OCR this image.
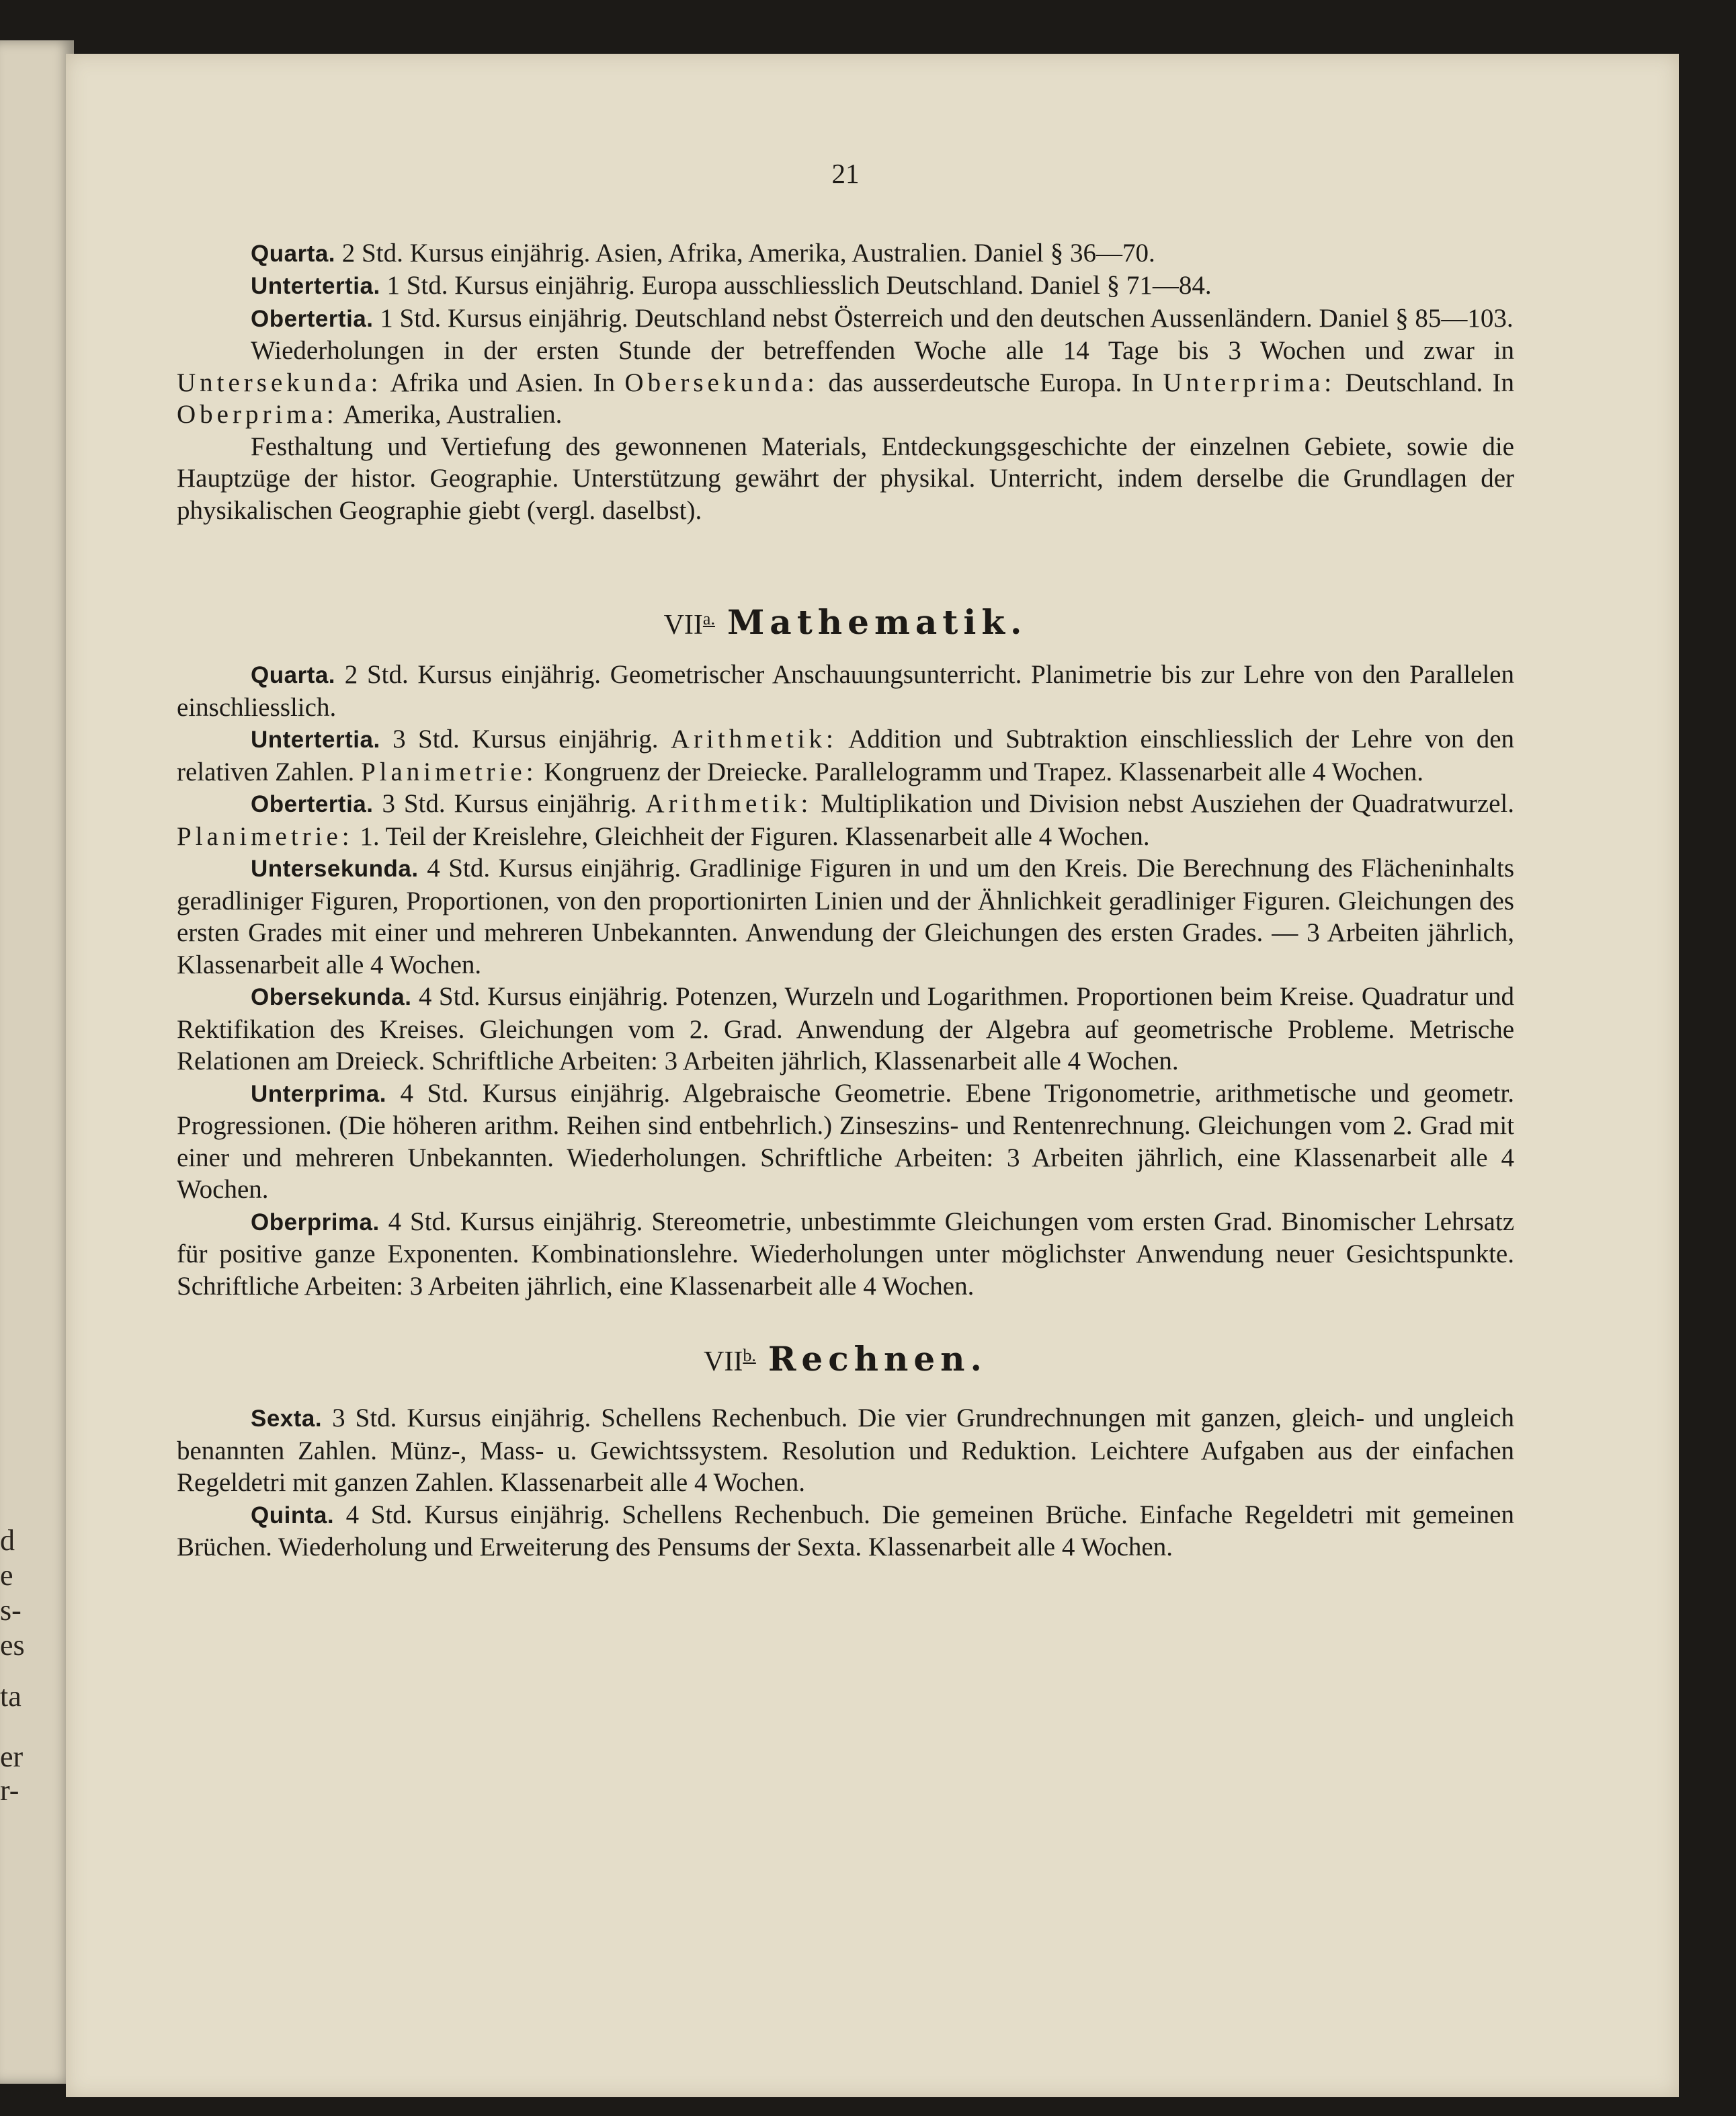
d
e
s-
es
ta
er
r-
21

Quarta. 2 Std. Kursus einjährig. Asien, Afrika, Amerika, Australien. Daniel § 36—70.

Untertertia. 1 Std. Kursus einjährig. Europa ausschliesslich Deutschland. Daniel § 71—84.

Obertertia. 1 Std. Kursus einjährig. Deutschland nebst Österreich und den deutschen Aussenländern. Daniel § 85—103.

Wiederholungen in der ersten Stunde der betreffenden Woche alle 14 Tage bis 3 Wochen und zwar in Untersekunda: Afrika und Asien. In Obersekunda: das ausserdeutsche Europa. In Unterprima: Deutschland. In Oberprima: Amerika, Australien.

Festhaltung und Vertiefung des gewonnenen Materials, Entdeckungsgeschichte der einzelnen Gebiete, sowie die Hauptzüge der histor. Geographie. Unterstützung gewährt der physikal. Unterricht, indem derselbe die Grundlagen der physikalischen Geographie giebt (vergl. daselbst).

$VII^{a.}$ Mathematik.

Quarta. 2 Std. Kursus einjährig. Geometrischer Anschauungsunterricht. Planimetrie bis zur Lehre von den Parallelen einschliesslich.

Untertertia. 3 Std. Kursus einjährig. Arithmetik: Addition und Subtraktion einschliesslich der Lehre von den relativen Zahlen. Planimetrie: Kongruenz der Dreiecke. Parallelogramm und Trapez. Klassenarbeit alle 4 Wochen.

Obertertia. 3 Std. Kursus einjährig. Arithmetik: Multiplikation und Division nebst Ausziehen der Quadratwurzel. Planimetrie: 1. Teil der Kreislehre, Gleichheit der Figuren. Klassenarbeit alle 4 Wochen.

Untersekunda. 4 Std. Kursus einjährig. Gradlinige Figuren in und um den Kreis. Die Berechnung des Flächeninhalts geradliniger Figuren, Proportionen, von den proportionirten Linien und der Ähnlichkeit geradliniger Figuren. Gleichungen des ersten Grades mit einer und mehreren Unbekannten. Anwendung der Gleichungen des ersten Grades. — 3 Arbeiten jährlich, Klassenarbeit alle 4 Wochen.

Obersekunda. 4 Std. Kursus einjährig. Potenzen, Wurzeln und Logarithmen. Proportionen beim Kreise. Quadratur und Rektifikation des Kreises. Gleichungen vom 2. Grad. Anwendung der Algebra auf geometrische Probleme. Metrische Relationen am Dreieck. Schriftliche Arbeiten: 3 Arbeiten jährlich, Klassenarbeit alle 4 Wochen.

Unterprima. 4 Std. Kursus einjährig. Algebraische Geometrie. Ebene Trigonometrie, arithmetische und geometr. Progressionen. (Die höheren arithm. Reihen sind entbehrlich.) Zinseszins- und Rentenrechnung. Gleichungen vom 2. Grad mit einer und mehreren Unbekannten. Wiederholungen. Schriftliche Arbeiten: 3 Arbeiten jährlich, eine Klassenarbeit alle 4 Wochen.

Oberprima. 4 Std. Kursus einjährig. Stereometrie, unbestimmte Gleichungen vom ersten Grad. Binomischer Lehrsatz für positive ganze Exponenten. Kombinationslehre. Wiederholungen unter möglichster Anwendung neuer Gesichtspunkte. Schriftliche Arbeiten: 3 Arbeiten jährlich, eine Klassenarbeit alle 4 Wochen.

$VII^{b.}$ Rechnen.

Sexta. 3 Std. Kursus einjährig. Schellens Rechenbuch. Die vier Grundrechnungen mit ganzen, gleich- und ungleich benannten Zahlen. Münz-, Mass- u. Gewichtssystem. Resolution und Reduktion. Leichtere Aufgaben aus der einfachen Regeldetri mit ganzen Zahlen. Klassenarbeit alle 4 Wochen.

Quinta. 4 Std. Kursus einjährig. Schellens Rechenbuch. Die gemeinen Brüche. Einfache Regeldetri mit gemeinen Brüchen. Wiederholung und Erweiterung des Pensums der Sexta. Klassenarbeit alle 4 Wochen.
